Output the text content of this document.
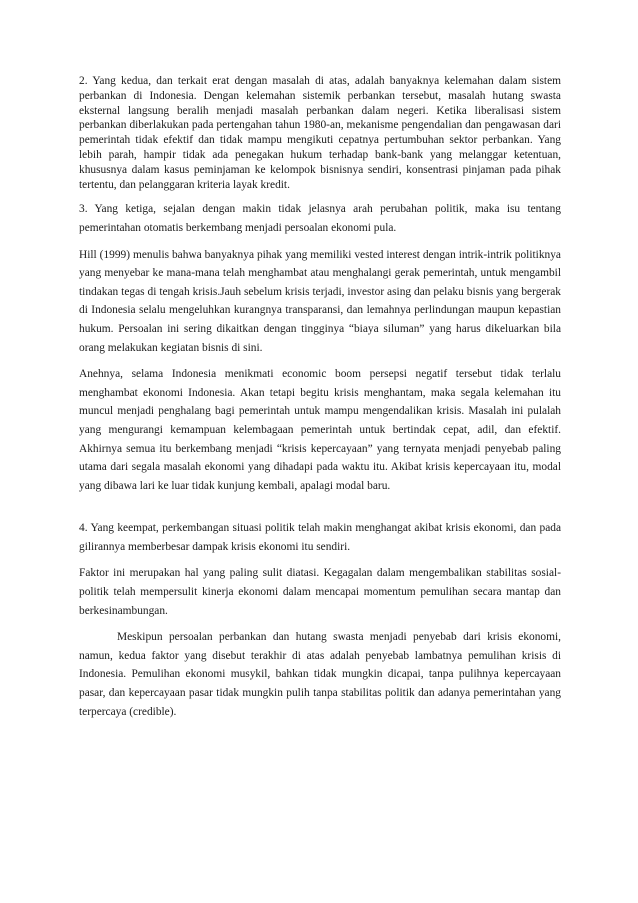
2. Yang kedua, dan terkait erat dengan masalah di atas, adalah banyaknya kelemahan dalam sistem perbankan di Indonesia. Dengan kelemahan sistemik perbankan tersebut, masalah hutang swasta eksternal langsung beralih menjadi masalah perbankan dalam negeri. Ketika liberalisasi sistem perbankan diberlakukan pada pertengahan tahun 1980-an, mekanisme pengendalian dan pengawasan dari pemerintah tidak efektif dan tidak mampu mengikuti cepatnya pertumbuhan sektor perbankan. Yang lebih parah, hampir tidak ada penegakan hukum terhadap bank-bank yang melanggar ketentuan, khususnya dalam kasus peminjaman ke kelompok bisnisnya sendiri, konsentrasi pinjaman pada pihak tertentu, dan pelanggaran kriteria layak kredit.

3. Yang ketiga, sejalan dengan makin tidak jelasnya arah perubahan politik, maka isu tentang pemerintahan otomatis berkembang menjadi persoalan ekonomi pula.

Hill (1999) menulis bahwa banyaknya pihak yang memiliki vested interest dengan intrik-intrik politiknya yang menyebar ke mana-mana telah menghambat atau menghalangi gerak pemerintah, untuk mengambil tindakan tegas di tengah krisis.Jauh sebelum krisis terjadi, investor asing dan pelaku bisnis yang bergerak di Indonesia selalu mengeluhkan kurangnya transparansi, dan lemahnya perlindungan maupun kepastian hukum. Persoalan ini sering dikaitkan dengan tingginya “biaya siluman” yang harus dikeluarkan bila orang melakukan kegiatan bisnis di sini.

Anehnya, selama Indonesia menikmati economic boom persepsi negatif tersebut tidak terlalu menghambat ekonomi Indonesia. Akan tetapi begitu krisis menghantam, maka segala kelemahan itu muncul menjadi penghalang bagi pemerintah untuk mampu mengendalikan krisis. Masalah ini pulalah yang mengurangi kemampuan kelembagaan pemerintah untuk bertindak cepat, adil, dan efektif. Akhirnya semua itu berkembang menjadi “krisis kepercayaan” yang ternyata menjadi penyebab paling utama dari segala masalah ekonomi yang dihadapi pada waktu itu. Akibat krisis kepercayaan itu, modal yang dibawa lari ke luar tidak kunjung kembali, apalagi modal baru.

4. Yang keempat, perkembangan situasi politik telah makin menghangat akibat krisis ekonomi, dan pada gilirannya memberbesar dampak krisis ekonomi itu sendiri.

Faktor ini merupakan hal yang paling sulit diatasi. Kegagalan dalam mengembalikan stabilitas sosial-politik telah mempersulit kinerja ekonomi dalam mencapai momentum pemulihan secara mantap dan berkesinambungan.

Meskipun persoalan perbankan dan hutang swasta menjadi penyebab dari krisis ekonomi, namun, kedua faktor yang disebut terakhir di atas adalah penyebab lambatnya pemulihan krisis di Indonesia. Pemulihan ekonomi musykil, bahkan tidak mungkin dicapai, tanpa pulihnya kepercayaan pasar, dan kepercayaan pasar tidak mungkin pulih tanpa stabilitas politik dan adanya pemerintahan yang terpercaya (credible).
